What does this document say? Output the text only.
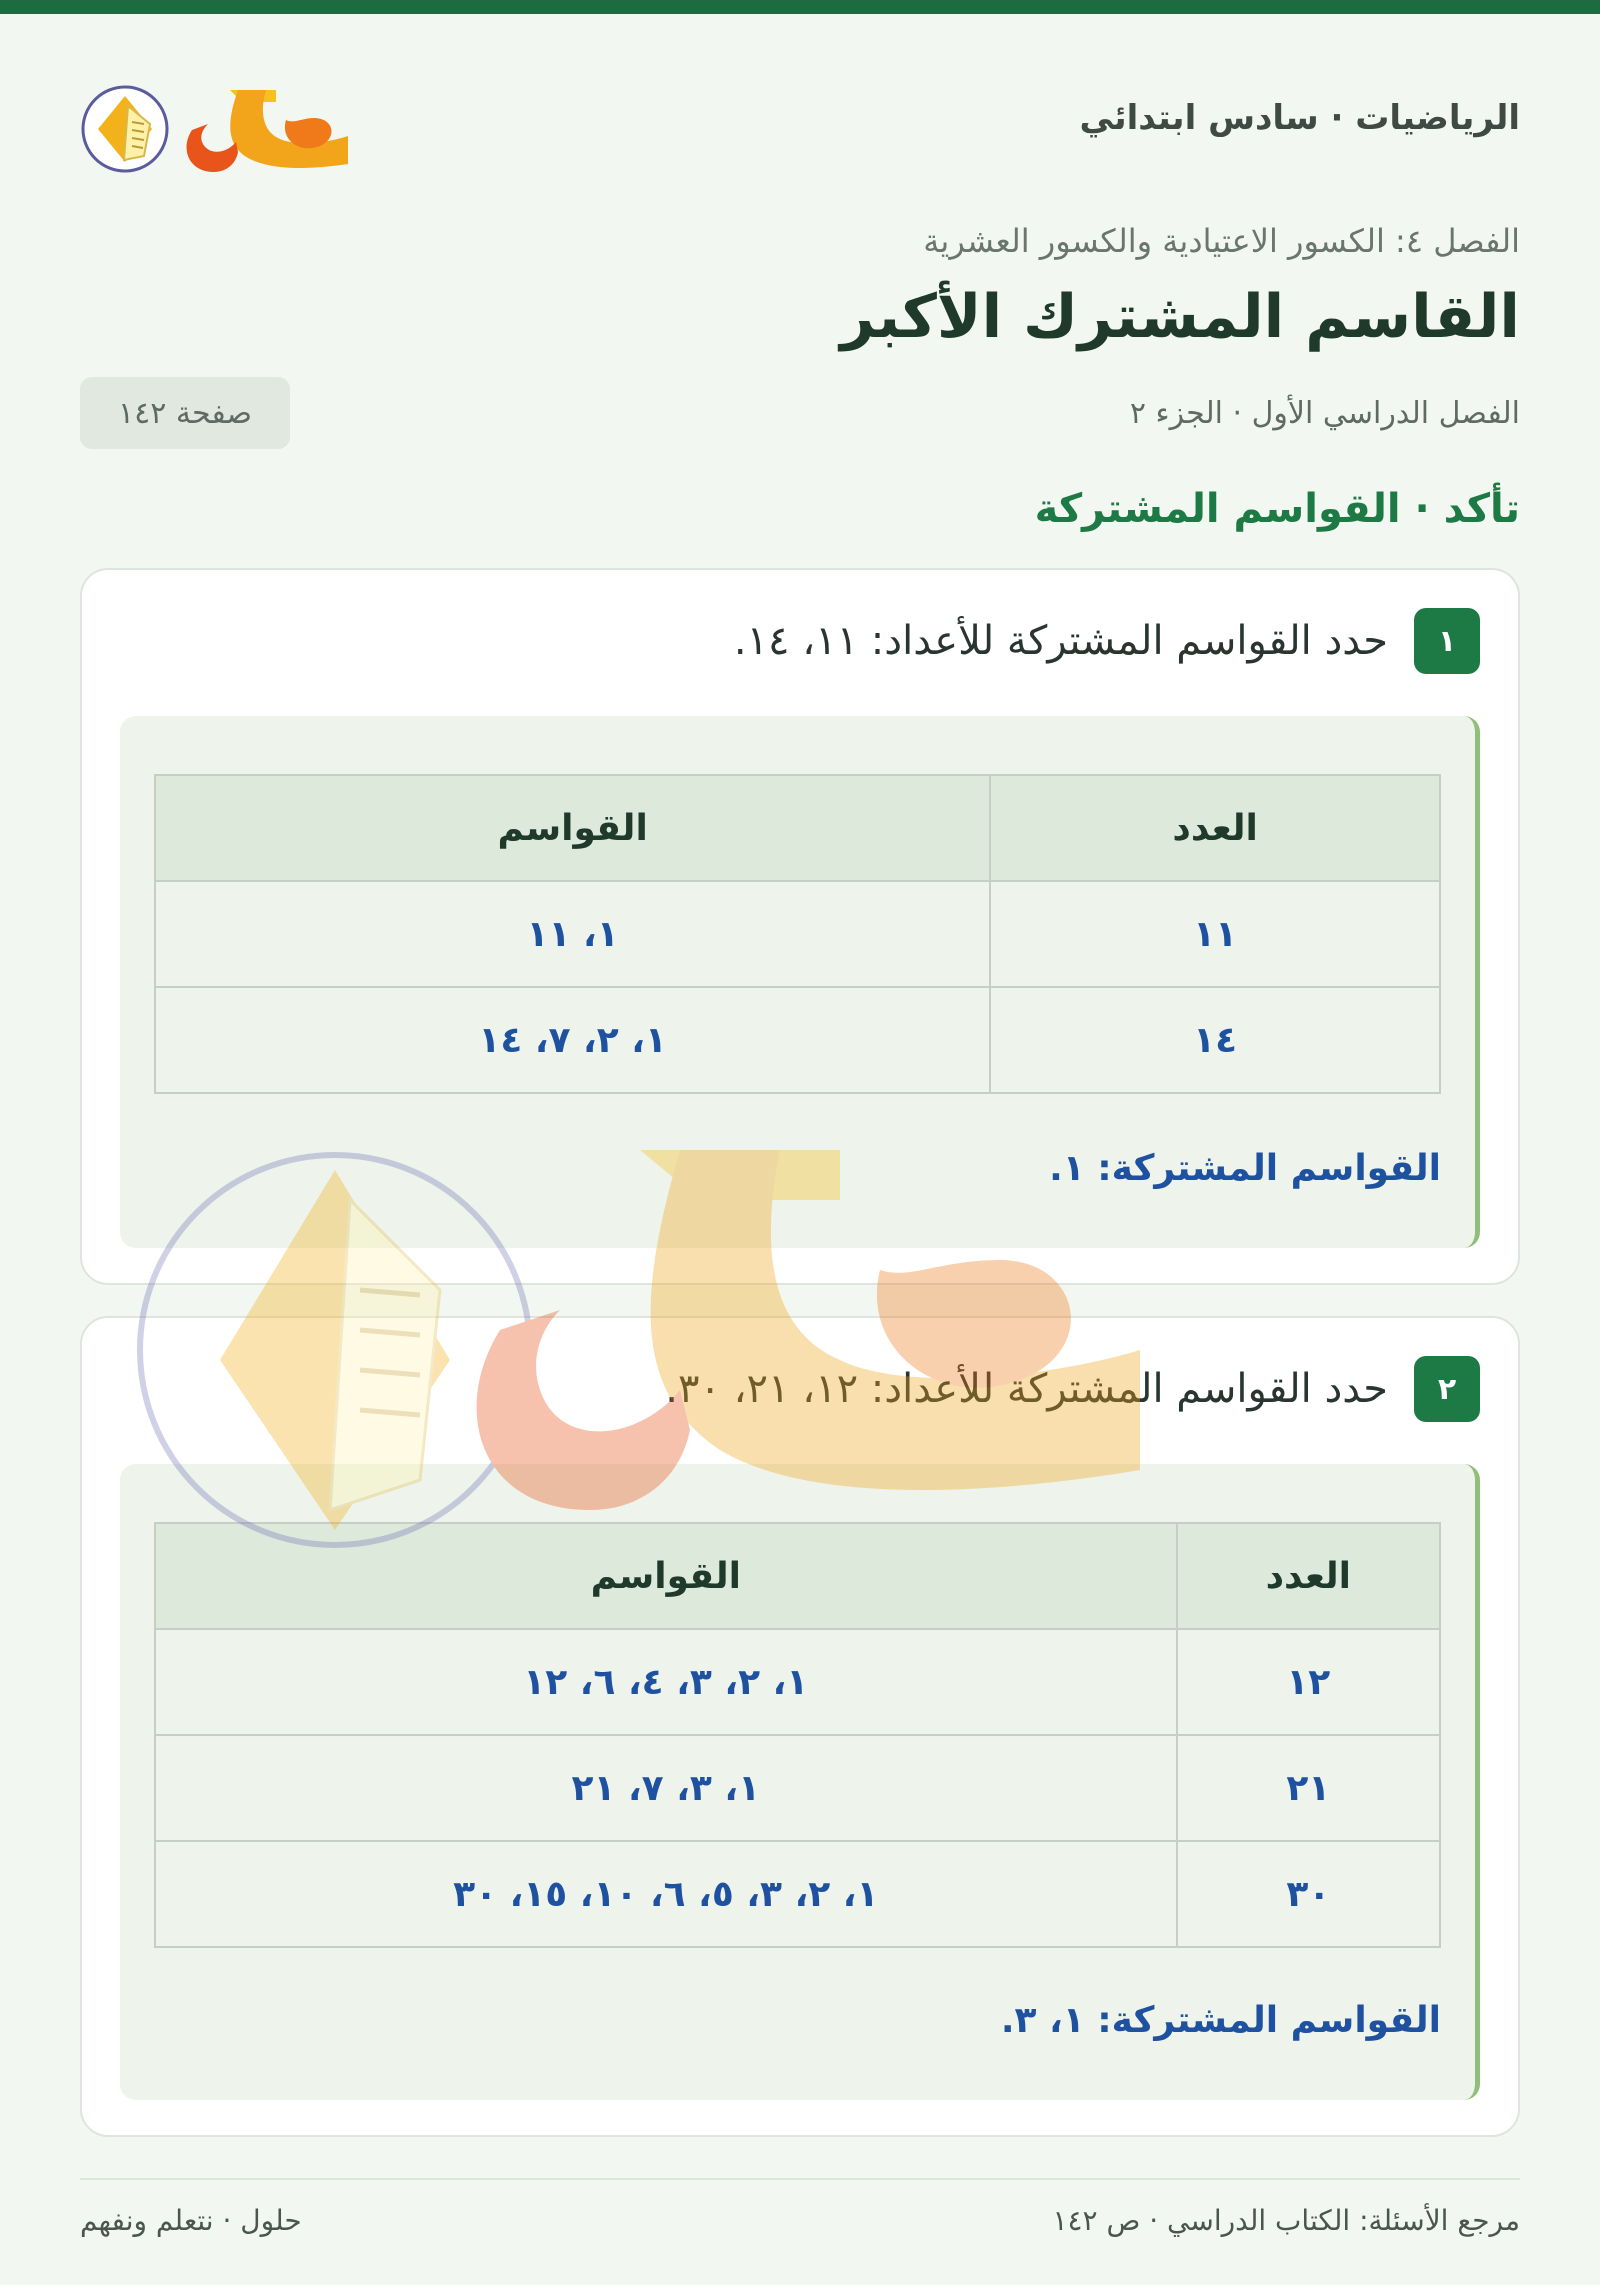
الرياضيات · سادس ابتدائي
الفصل ٤: الكسور الاعتيادية والكسور العشرية
القاسم المشترك الأكبر
الفصل الدراسي الأول · الجزء ٢
صفحة ١٤٢
تأكد · القواسم المشتركة
١
حدد القواسم المشتركة للأعداد: ١١، ١٤.
العدد	القواسم
١١	١، ١١
١٤	١، ٢، ٧، ١٤
القواسم المشتركة: ١.
٢
حدد القواسم المشتركة للأعداد: ١٢، ٢١، ٣٠.
العدد	القواسم
١٢	١، ٢، ٣، ٤، ٦، ١٢
٢١	١، ٣، ٧، ٢١
٣٠	١، ٢، ٣، ٥، ٦، ١٠، ١٥، ٣٠
القواسم المشتركة: ١، ٣.
مرجع الأسئلة: الكتاب الدراسي · ص ١٤٢
حلول · نتعلم ونفهم
